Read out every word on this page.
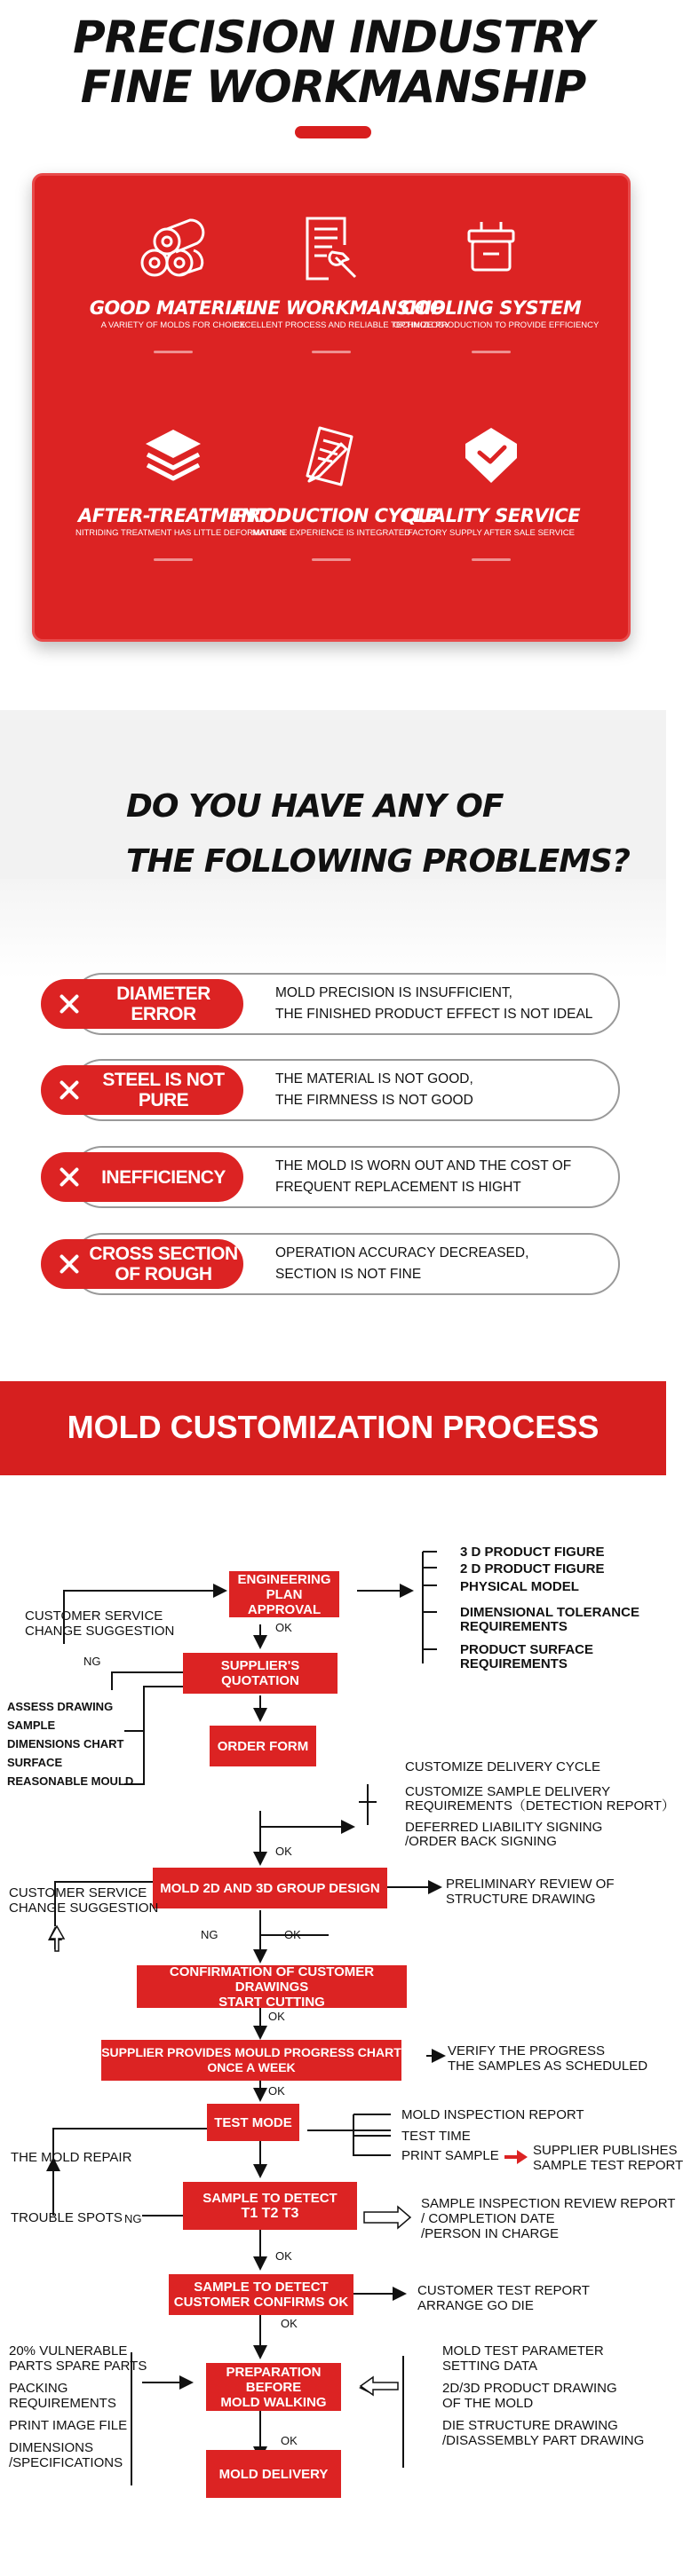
PRECISION INDUSTRY
FINE WORKMANSHIP
GOOD MATERIAL
A VARIETY OF MOLDS FOR CHOICE
FINE WORKMANSHIP
EXCELLENT PROCESS AND RELIABLE TECHNOLOGY
COOLING SYSTEM
OPTIMIZE PRODUCTION TO PROVIDE EFFICIENCY
AFTER-TREATMENT
NITRIDING TREATMENT HAS LITTLE DEFORMATION
PRODUCTION CYCLE
MATURE EXPERIENCE IS INTEGRATED
QUALITY SERVICE
FACTORY SUPPLY AFTER SALE SERVICE
DO YOU HAVE ANY OF
THE FOLLOWING PROBLEMS?
DIAMETER ERROR
MOLD PRECISION IS INSUFFICIENT,
THE FINISHED PRODUCT EFFECT IS NOT IDEAL
STEEL IS NOT PURE
THE MATERIAL IS NOT GOOD,
THE FIRMNESS IS NOT GOOD
INEFFICIENCY
THE MOLD IS WORN OUT AND THE COST OF
FREQUENT REPLACEMENT IS HIGHT
CROSS SECTION OF ROUGH
OPERATION ACCURACY DECREASED,
SECTION IS NOT FINE
MOLD CUSTOMIZATION PROCESS
ENGINEERING PLAN APPROVAL
SUPPLIER'S QUOTATION
ORDER FORM
MOLD 2D AND 3D GROUP DESIGN
CONFIRMATION OF CUSTOMER DRAWINGS
START CUTTING
SUPPLIER PROVIDES MOULD PROGRESS CHART
ONCE A WEEK
TEST MODE
SAMPLE TO DETECT
T1 T2 T3
SAMPLE TO DETECT
CUSTOMER CONFIRMS OK
PREPARATION BEFORE
MOLD WALKING
MOLD DELIVERY
OK
NG
OK
NG	OK
OK
OK
NG
OK
OK
OK
3 D PRODUCT FIGURE
2 D PRODUCT FIGURE
PHYSICAL MODEL
DIMENSIONAL TOLERANCE
REQUIREMENTS
PRODUCT SURFACE
REQUIREMENTS
CUSTOMER SERVICE
CHANGE SUGGESTION
ASSESS DRAWING
SAMPLE
DIMENSIONS CHART
SURFACE
REASONABLE MOULD
CUSTOMIZE DELIVERY CYCLE
CUSTOMIZE SAMPLE DELIVERY
REQUIREMENTS（DETECTION REPORT）
DEFERRED LIABILITY SIGNING
/ORDER BACK SIGNING
CUSTOMER SERVICE
CHANGE SUGGESTION
PRELIMINARY REVIEW OF
STRUCTURE DRAWING
VERIFY THE PROGRESS
THE SAMPLES AS SCHEDULED
MOLD INSPECTION REPORT
TEST TIME
PRINT SAMPLE	SUPPLIER PUBLISHES
SAMPLE TEST REPORT
THE MOLD REPAIR
TROUBLE SPOTS
SAMPLE INSPECTION REVIEW REPORT
/ COMPLETION DATE
/PERSON IN CHARGE
CUSTOMER TEST REPORT
ARRANGE GO DIE
20% VULNERABLE
PARTS SPARE PARTS
PACKING
REQUIREMENTS
PRINT IMAGE FILE
DIMENSIONS
/SPECIFICATIONS
MOLD TEST PARAMETER
SETTING DATA
2D/3D PRODUCT DRAWING
OF THE MOLD
DIE STRUCTURE DRAWING
/DISASSEMBLY PART DRAWING
